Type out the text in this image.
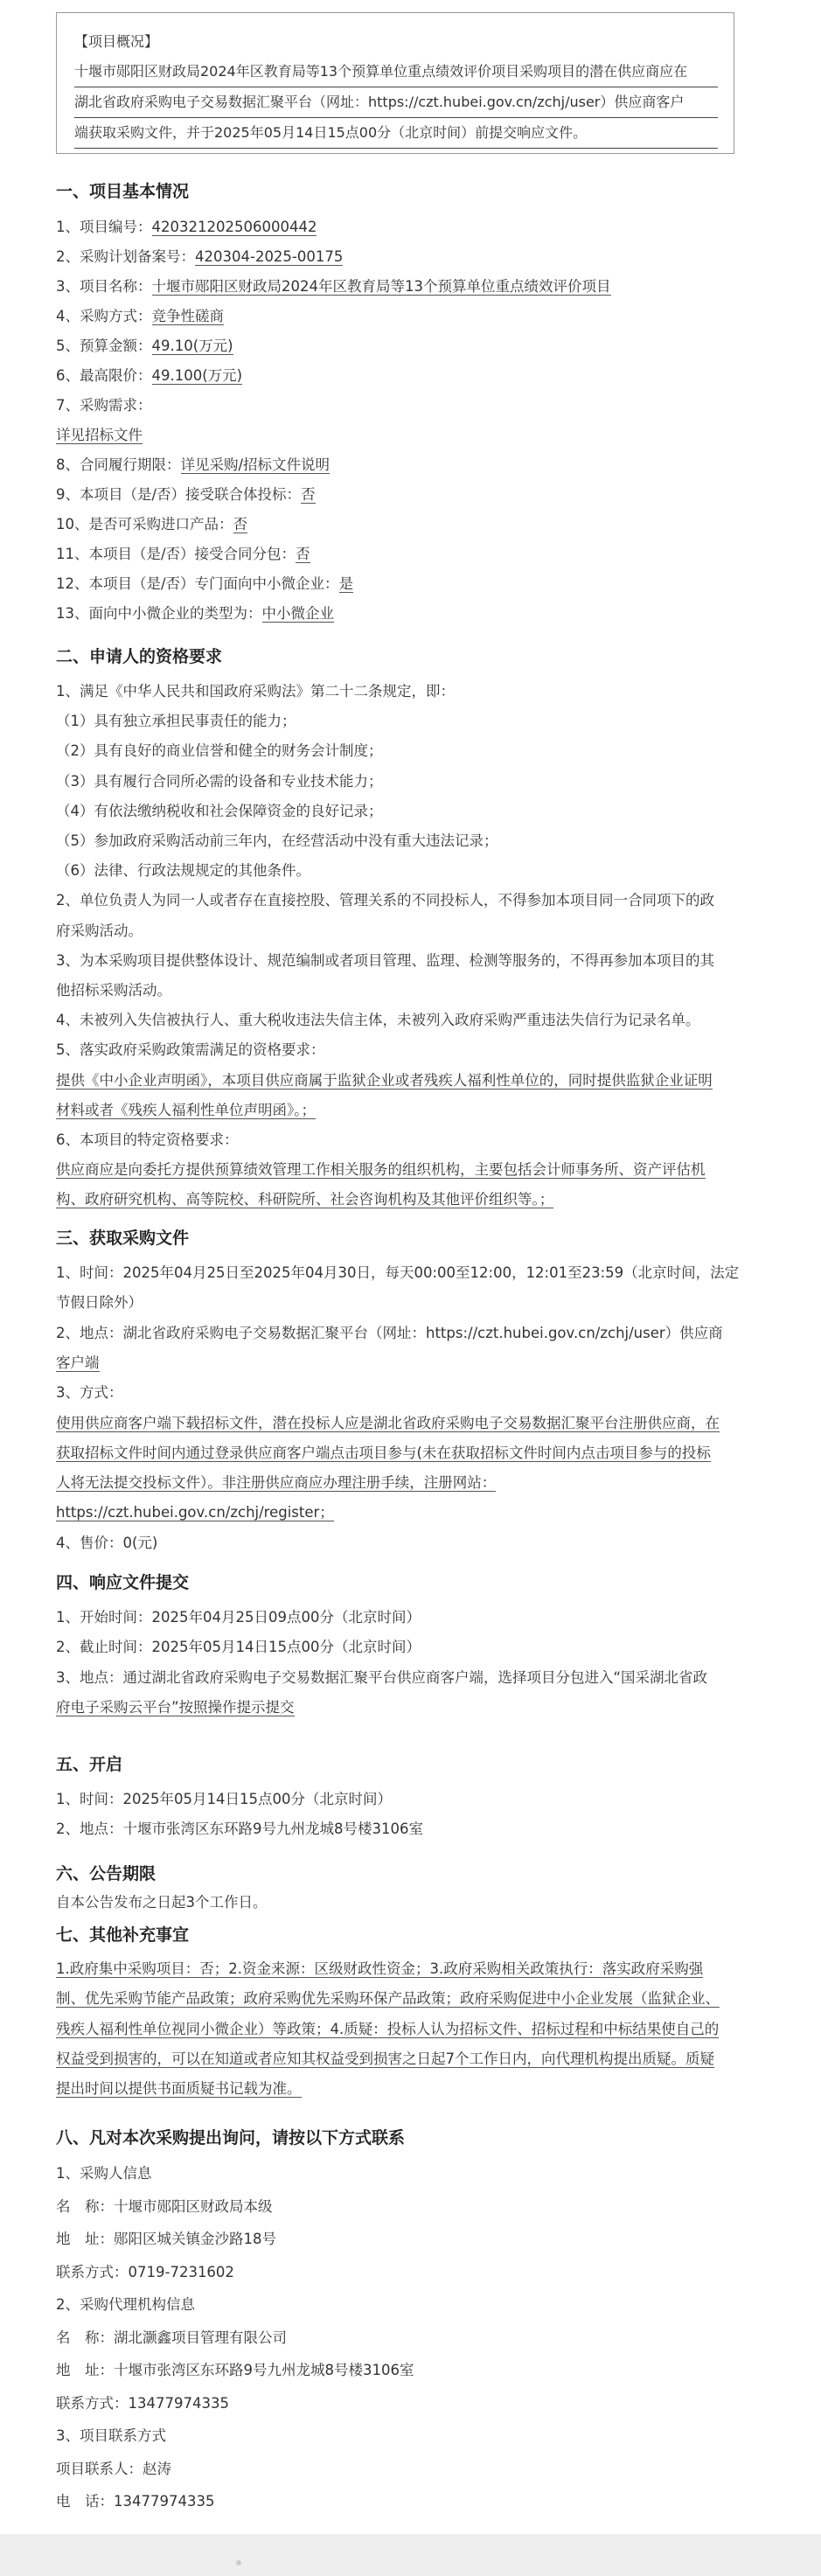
【项目概况】
十堰市郧阳区财政局2024年区教育局等13个预算单位重点绩效评价项目采购项目的潜在供应商应在
湖北省政府采购电子交易数据汇聚平台（网址：https://czt.hubei.gov.cn/zchj/user）供应商客户
端获取采购文件，并于2025年05月14日15点00分（北京时间）前提交响应文件。
一、项目基本情况
1、项目编号：420321202506000442
2、采购计划备案号：420304-2025-00175
3、项目名称：十堰市郧阳区财政局2024年区教育局等13个预算单位重点绩效评价项目
4、采购方式：竞争性磋商
5、预算金额：49.10(万元)
6、最高限价：49.100(万元)
7、采购需求：
详见招标文件
8、合同履行期限：详见采购/招标文件说明
9、本项目（是/否）接受联合体投标：否
10、是否可采购进口产品：否
11、本项目（是/否）接受合同分包：否
12、本项目（是/否）专门面向中小微企业：是
13、面向中小微企业的类型为：中小微企业
二、申请人的资格要求
1、满足《中华人民共和国政府采购法》第二十二条规定，即：
（1）具有独立承担民事责任的能力；
（2）具有良好的商业信誉和健全的财务会计制度；
（3）具有履行合同所必需的设备和专业技术能力；
（4）有依法缴纳税收和社会保障资金的良好记录；
（5）参加政府采购活动前三年内，在经营活动中没有重大违法记录；
（6）法律、行政法规规定的其他条件。
2、单位负责人为同一人或者存在直接控股、管理关系的不同投标人，不得参加本项目同一合同项下的政
府采购活动。
3、为本采购项目提供整体设计、规范编制或者项目管理、监理、检测等服务的，不得再参加本项目的其
他招标采购活动。
4、未被列入失信被执行人、重大税收违法失信主体，未被列入政府采购严重违法失信行为记录名单。
5、落实政府采购政策需满足的资格要求：
提供《中小企业声明函》，本项目供应商属于监狱企业或者残疾人福利性单位的，同时提供监狱企业证明
材料或者《残疾人福利性单位声明函》。；
6、本项目的特定资格要求：
供应商应是向委托方提供预算绩效管理工作相关服务的组织机构，主要包括会计师事务所、资产评估机
构、政府研究机构、高等院校、科研院所、社会咨询机构及其他评价组织等。；
三、获取采购文件
1、时间：2025年04月25日至2025年04月30日，每天00:00至12:00，12:01至23:59（北京时间，法定
节假日除外）
2、地点：湖北省政府采购电子交易数据汇聚平台（网址：https://czt.hubei.gov.cn/zchj/user）供应商
客户端
3、方式：
使用供应商客户端下载招标文件，潜在投标人应是湖北省政府采购电子交易数据汇聚平台注册供应商，在
获取招标文件时间内通过登录供应商客户端点击项目参与(未在获取招标文件时间内点击项目参与的投标
人将无法提交投标文件）。非注册供应商应办理注册手续，注册网站：
https://czt.hubei.gov.cn/zchj/register；
4、售价：0(元)
四、响应文件提交
1、开始时间：2025年04月25日09点00分（北京时间）
2、截止时间：2025年05月14日15点00分（北京时间）
3、地点：通过湖北省政府采购电子交易数据汇聚平台供应商客户端，选择项目分包进入“国采湖北省政
府电子采购云平台”按照操作提示提交
五、开启
1、时间：2025年05月14日15点00分（北京时间）
2、地点：十堰市张湾区东环路9号九州龙城8号楼3106室
六、公告期限
自本公告发布之日起3个工作日。
七、其他补充事宜
1.政府集中采购项目：否；2.资金来源：区级财政性资金；3.政府采购相关政策执行：落实政府采购强
制、优先采购节能产品政策；政府采购优先采购环保产品政策；政府采购促进中小企业发展（监狱企业、
残疾人福利性单位视同小微企业）等政策；4.质疑：投标人认为招标文件、招标过程和中标结果使自己的
权益受到损害的，可以在知道或者应知其权益受到损害之日起7个工作日内，向代理机构提出质疑。质疑
提出时间以提供书面质疑书记载为准。
八、凡对本次采购提出询问，请按以下方式联系
1、采购人信息
名　称：十堰市郧阳区财政局本级
地　址：郧阳区城关镇金沙路18号
联系方式：0719-7231602
2、采购代理机构信息
名　称：湖北灏鑫项目管理有限公司
地　址：十堰市张湾区东环路9号九州龙城8号楼3106室
联系方式：13477974335
3、项目联系方式
项目联系人：赵涛
电　话：13477974335
